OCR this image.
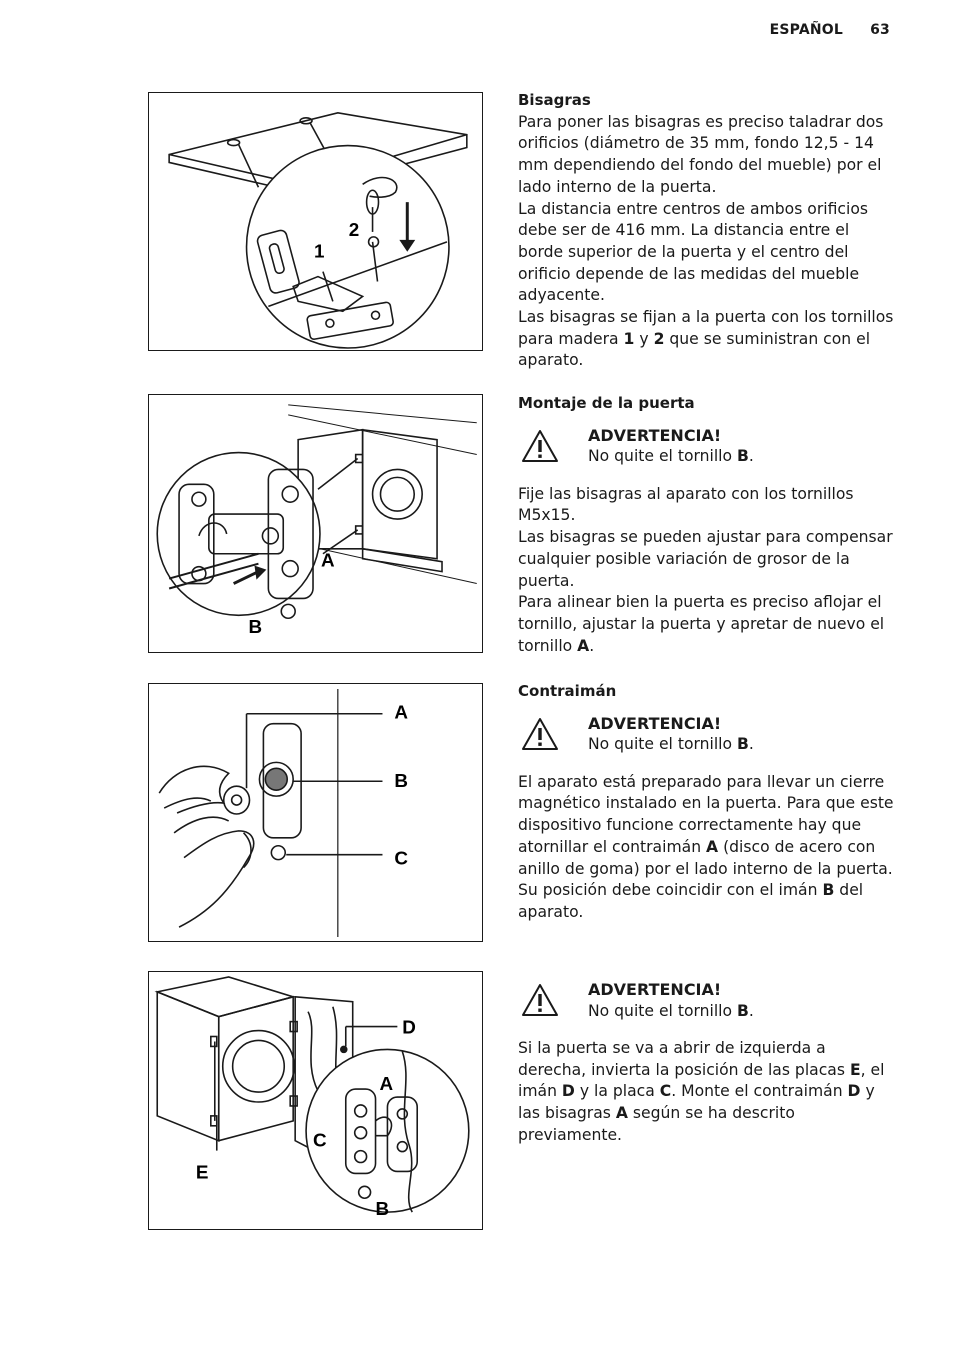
ESPAÑOL 63
2
1
A
B
A
B
C
D
A
C
E
B

Bisagras

Para poner las bisagras es preciso taladrar dos orificios (diámetro de 35 mm, fondo 12,5 - 14 mm dependiendo del fondo del mueble) por el lado interno de la puerta.

La distancia entre centros de ambos orificios debe ser de 416 mm. La distancia entre el borde superior de la puerta y el centro del orificio depende de las medidas del mueble adyacente.

Las bisagras se fijan a la puerta con los tornillos para madera 1 y 2 que se suministran con el aparato.

Montaje de la puerta

ADVERTENCIA!

No quite el tornillo B.

Fije las bisagras al aparato con los tornillos M5x15.

Las bisagras se pueden ajustar para compensar cualquier posible variación de grosor de la puerta.

Para alinear bien la puerta es preciso aflojar el tornillo, ajustar la puerta y apretar de nuevo el tornillo A.

Contraimán

ADVERTENCIA!

No quite el tornillo B.

El aparato está preparado para llevar un cierre magnético instalado en la puerta. Para que este dispositivo funcione correctamente hay que atornillar el contraimán A (disco de acero con anillo de goma) por el lado interno de la puerta.

Su posición debe coincidir con el imán B del aparato.

ADVERTENCIA!

No quite el tornillo B.

Si la puerta se va a abrir de izquierda a derecha, invierta la posición de las placas E, el imán D y la placa C. Monte el contraimán D y las bisagras A según se ha descrito previamente.
